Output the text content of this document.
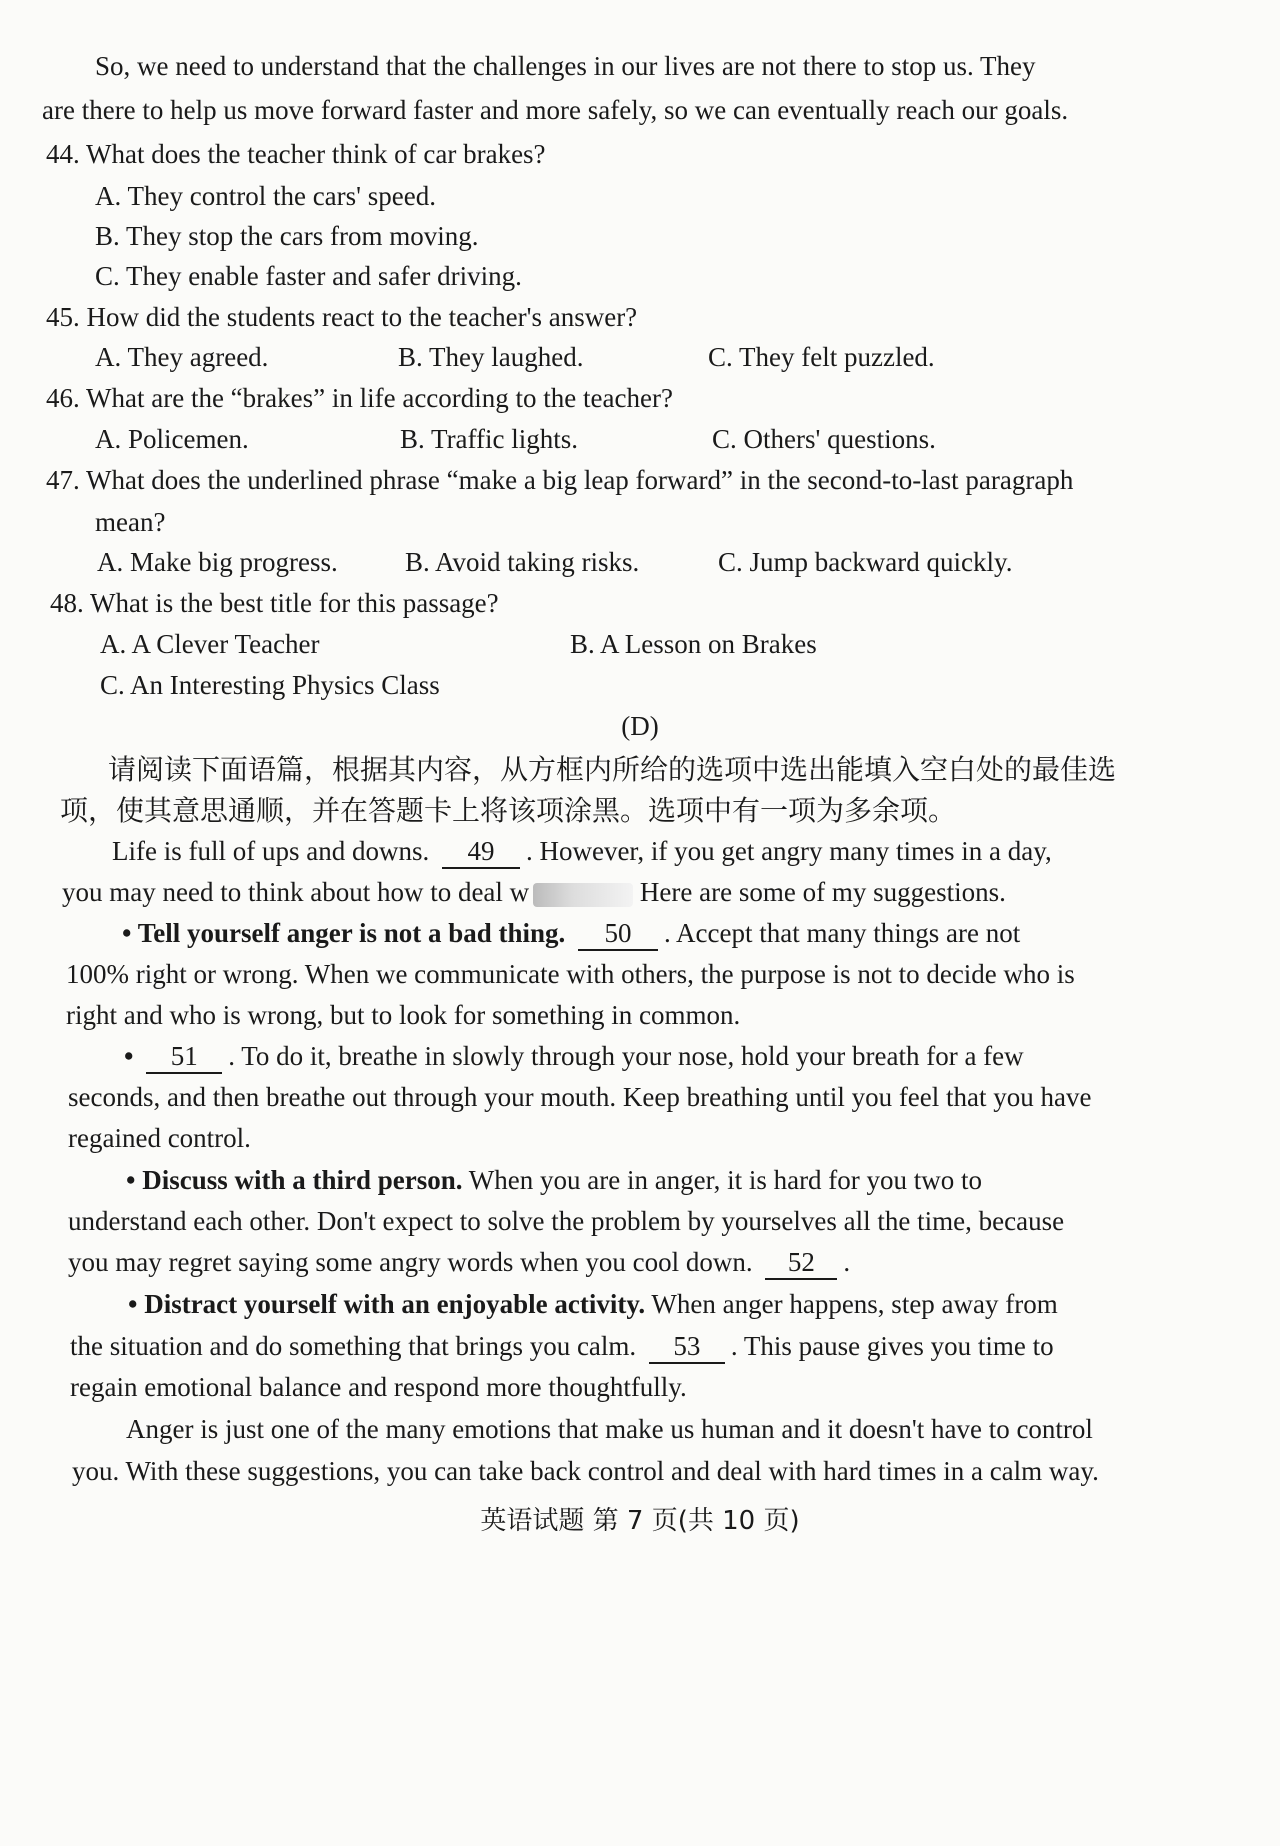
So, we need to understand that the challenges in our lives are not there to stop us. They
are there to help us move forward faster and more safely, so we can eventually reach our goals.
44. What does the teacher think of car brakes?
A. They control the cars' speed.
B. They stop the cars from moving.
C. They enable faster and safer driving.
45. How did the students react to the teacher's answer?
A. They agreed.	B. They laughed.	C. They felt puzzled.
46. What are the “brakes” in life according to the teacher?
A. Policemen.	B. Traffic lights.	C. Others' questions.
47. What does the underlined phrase “make a big leap forward” in the second-to-last paragraph
mean?
A. Make big progress. B. Avoid taking risks.	C. Jump backward quickly.
48. What is the best title for this passage?
A. A Clever Teacher	B. A Lesson on Brakes
C. An Interesting Physics Class
(D)
请阅读下面语篇，根据其内容，从方框内所给的选项中选出能填入空白处的最佳选
项，使其意思通顺，并在答题卡上将该项涂黑。选项中有一项为多余项。
Life is full of ups and downs. 49 . However, if you get angry many times in a day,
you may need to think about how to deal w	Here are some of my suggestions.
• Tell yourself anger is not a bad thing. 50 . Accept that many things are not
100% right or wrong. When we communicate with others, the purpose is not to decide who is
right and who is wrong, but to look for something in common.
• 51 . To do it, breathe in slowly through your nose, hold your breath for a few
seconds, and then breathe out through your mouth. Keep breathing until you feel that you have
regained control.
• Discuss with a third person. When you are in anger, it is hard for you two to
understand each other. Don't expect to solve the problem by yourselves all the time, because
you may regret saying some angry words when you cool down. 52 .
• Distract yourself with an enjoyable activity. When anger happens, step away from
the situation and do something that brings you calm. 53 . This pause gives you time to
regain emotional balance and respond more thoughtfully.
Anger is just one of the many emotions that make us human and it doesn't have to control
you. With these suggestions, you can take back control and deal with hard times in a calm way.
英语试题 第 7 页(共 10 页)
